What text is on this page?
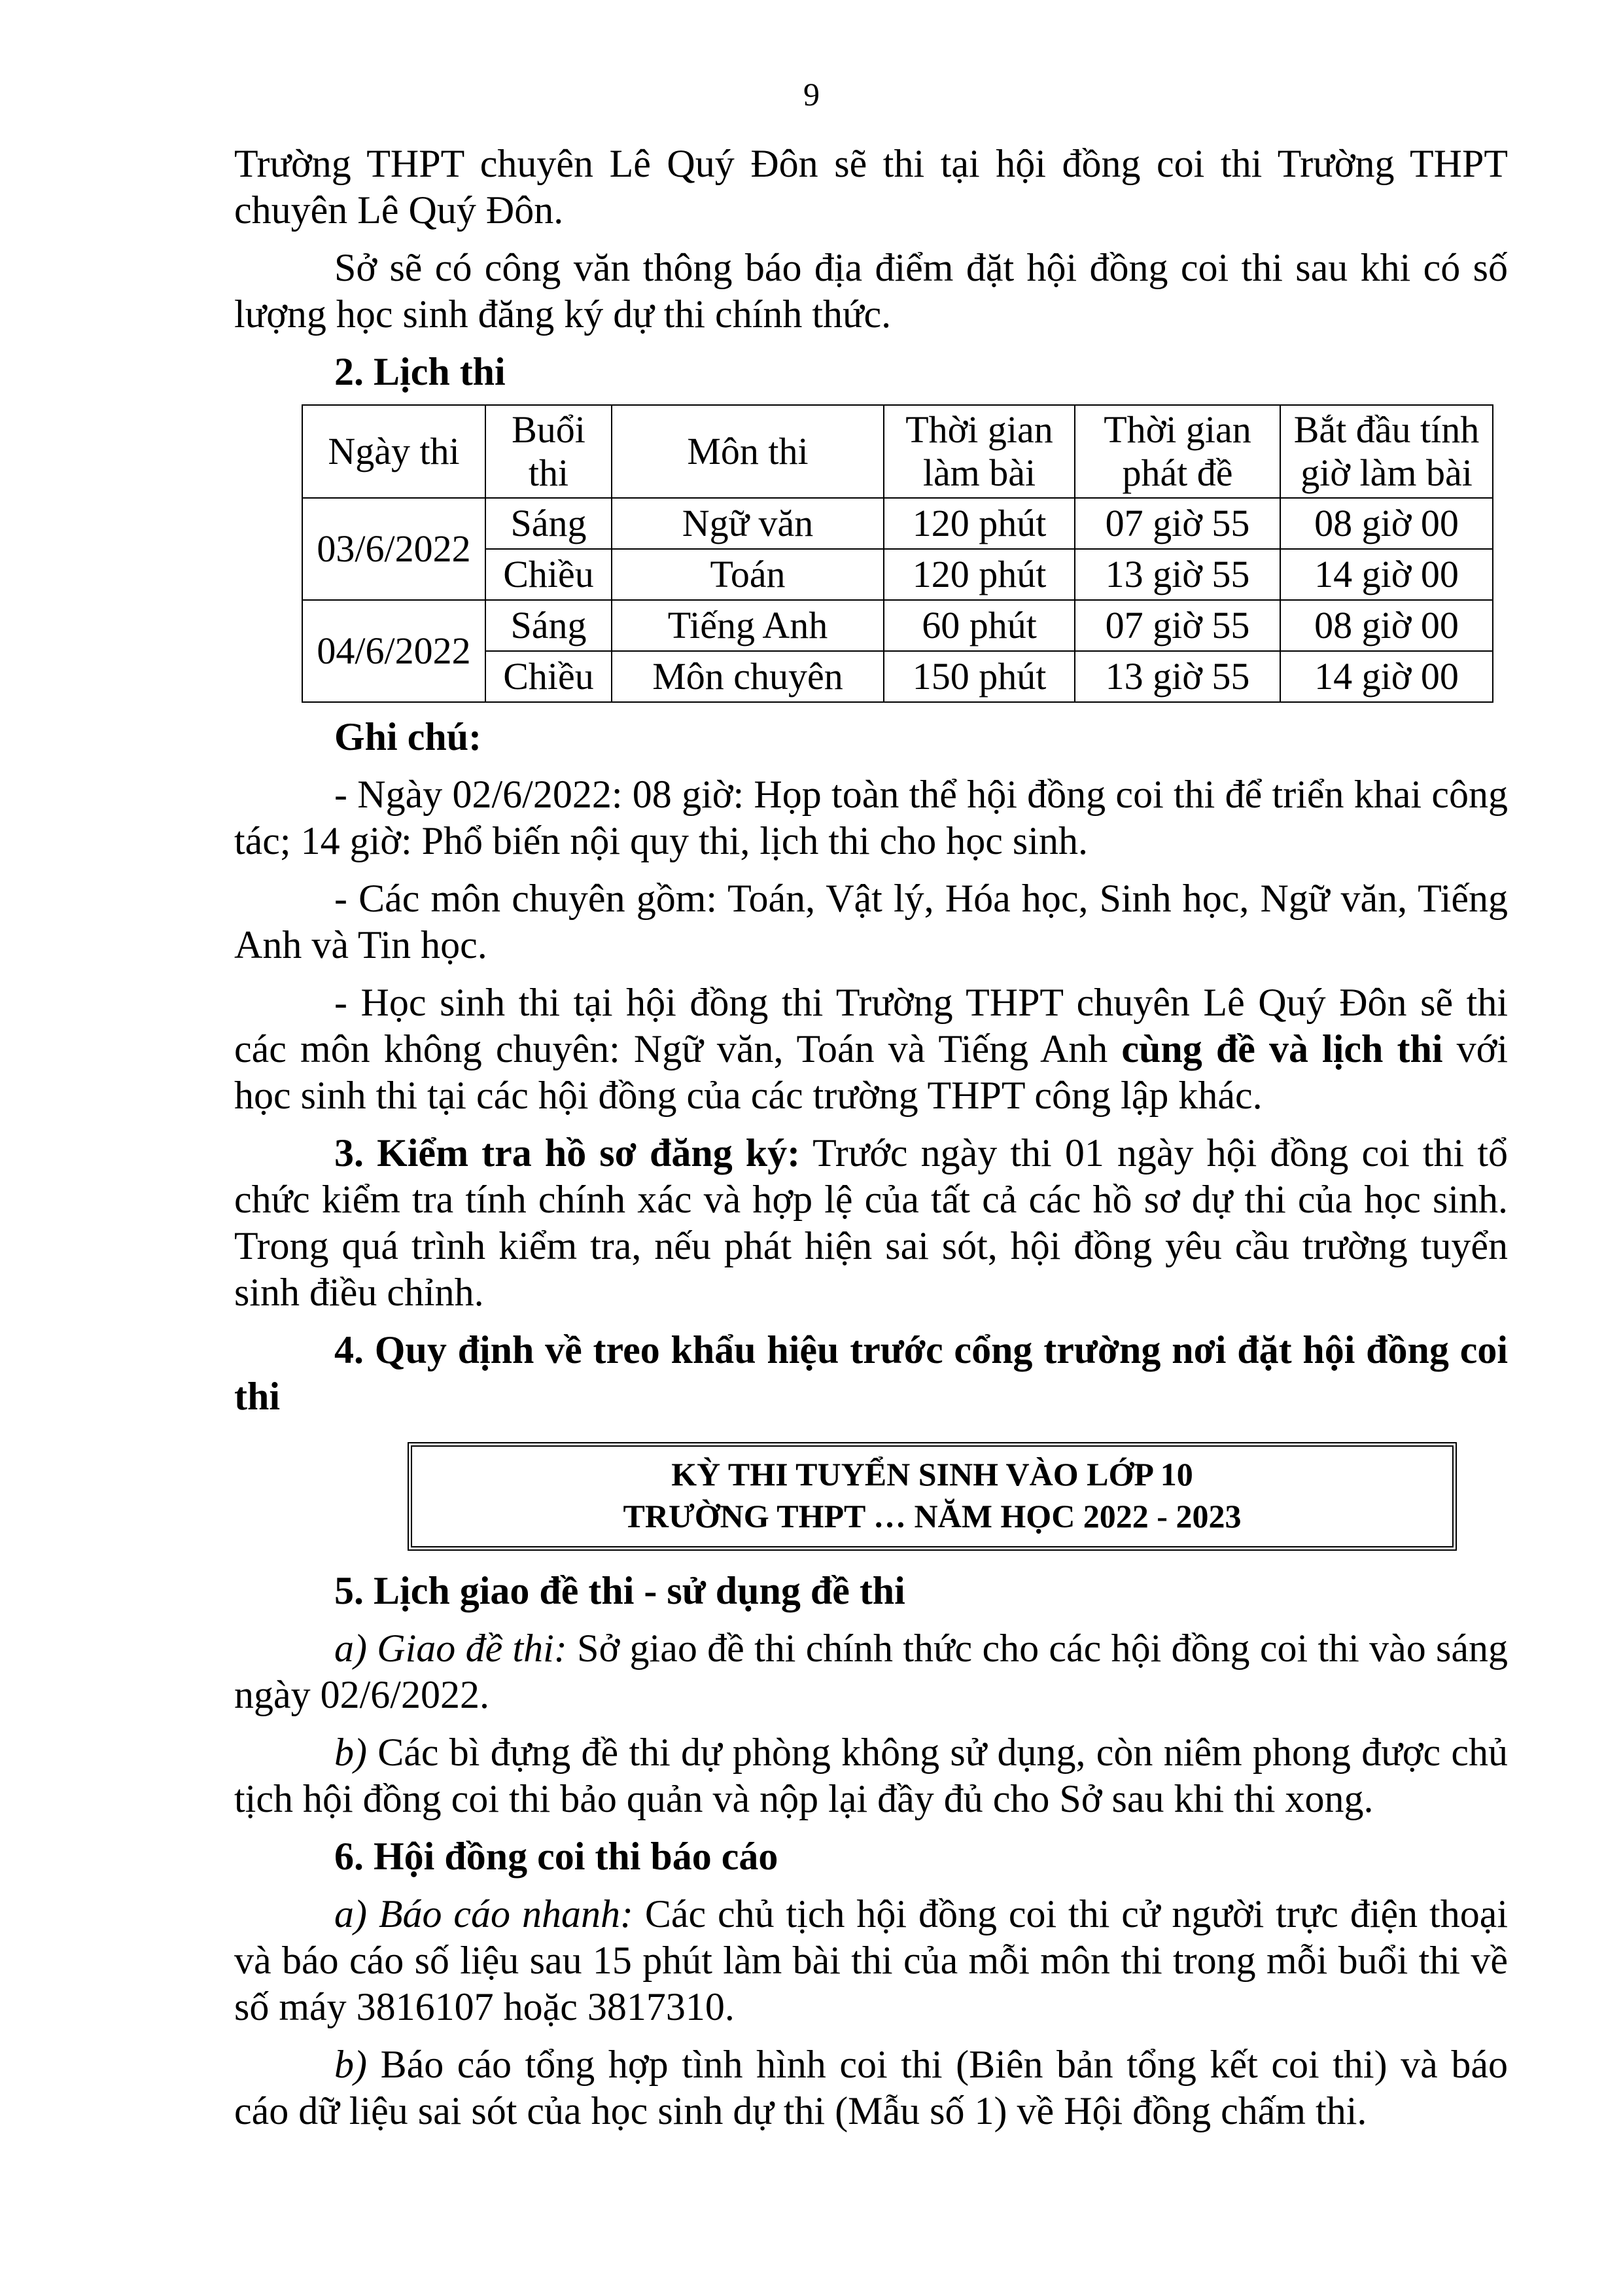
9

Trường THPT chuyên Lê Quý Đôn sẽ thi tại hội đồng coi thi Trường THPT chuyên Lê Quý Đôn.

Sở sẽ có công văn thông báo địa điểm đặt hội đồng coi thi sau khi có số lượng học sinh đăng ký dự thi chính thức.

2. Lịch thi

Ngày thi	Buổi thi	Môn thi	Thời gian làm bài	Thời gian phát đề	Bắt đầu tính giờ làm bài
03/6/2022	Sáng	Ngữ văn	120 phút	07 giờ 55	08 giờ 00
	Chiều	Toán	120 phút	13 giờ 55	14 giờ 00
04/6/2022	Sáng	Tiếng Anh	60 phút	07 giờ 55	08 giờ 00
	Chiều	Môn chuyên	150 phút	13 giờ 55	14 giờ 00

Ghi chú:

- Ngày 02/6/2022: 08 giờ: Họp toàn thể hội đồng coi thi để triển khai công tác; 14 giờ: Phổ biến nội quy thi, lịch thi cho học sinh.

- Các môn chuyên gồm: Toán, Vật lý, Hóa học, Sinh học, Ngữ văn, Tiếng Anh và Tin học.

- Học sinh thi tại hội đồng thi Trường THPT chuyên Lê Quý Đôn sẽ thi các môn không chuyên: Ngữ văn, Toán và Tiếng Anh cùng đề và lịch thi với học sinh thi tại các hội đồng của các trường THPT công lập khác.

3. Kiểm tra hồ sơ đăng ký: Trước ngày thi 01 ngày hội đồng coi thi tổ chức kiểm tra tính chính xác và hợp lệ của tất cả các hồ sơ dự thi của học sinh. Trong quá trình kiểm tra, nếu phát hiện sai sót, hội đồng yêu cầu trường tuyển sinh điều chỉnh.

4. Quy định về treo khẩu hiệu trước cổng trường nơi đặt hội đồng coi thi

KỲ THI TUYỂN SINH VÀO LỚP 10
TRƯỜNG THPT … NĂM HỌC 2022 - 2023

5. Lịch giao đề thi - sử dụng đề thi

a) Giao đề thi: Sở giao đề thi chính thức cho các hội đồng coi thi vào sáng ngày 02/6/2022.

b) Các bì đựng đề thi dự phòng không sử dụng, còn niêm phong được chủ tịch hội đồng coi thi bảo quản và nộp lại đầy đủ cho Sở sau khi thi xong.

6. Hội đồng coi thi báo cáo

a) Báo cáo nhanh: Các chủ tịch hội đồng coi thi cử người trực điện thoại và báo cáo số liệu sau 15 phút làm bài thi của mỗi môn thi trong mỗi buổi thi về số máy 3816107 hoặc 3817310.

b) Báo cáo tổng hợp tình hình coi thi (Biên bản tổng kết coi thi) và báo cáo dữ liệu sai sót của học sinh dự thi (Mẫu số 1) về Hội đồng chấm thi.
